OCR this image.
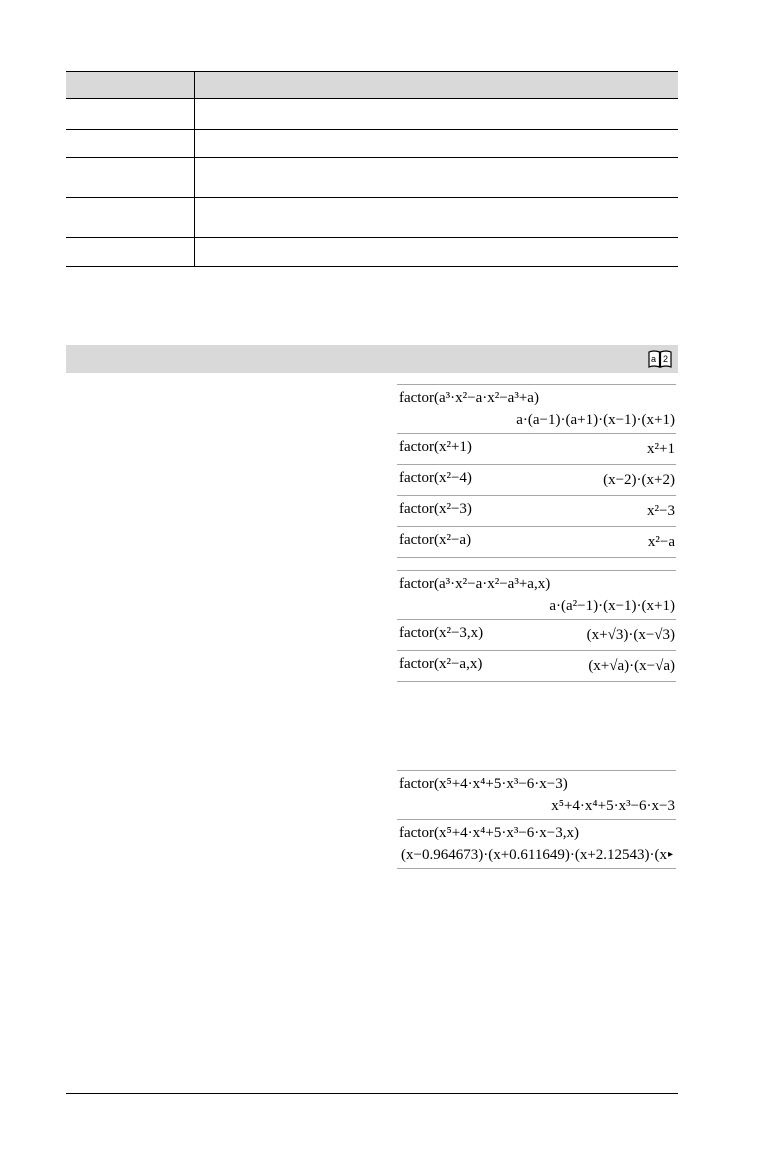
a 2
factor(a³·x²−a·x²−a³+a)
a·(a−1)·(a+1)·(x−1)·(x+1)
factor(x²+1)	x²+1
factor(x²−4)	(x−2)·(x+2)
factor(x²−3)	x²−3
factor(x²−a)	x²−a
factor(a³·x²−a·x²−a³+a,x)
a·(a²−1)·(x−1)·(x+1)
factor(x²−3,x)	(x+√3)·(x−√3)
factor(x²−a,x)	(x+√a)·(x−√a)
factor(x⁵+4·x⁴+5·x³−6·x−3)
x⁵+4·x⁴+5·x³−6·x−3
factor(x⁵+4·x⁴+5·x³−6·x−3,x)
(x−0.964673)·(x+0.611649)·(x+2.12543)·(x ▸
